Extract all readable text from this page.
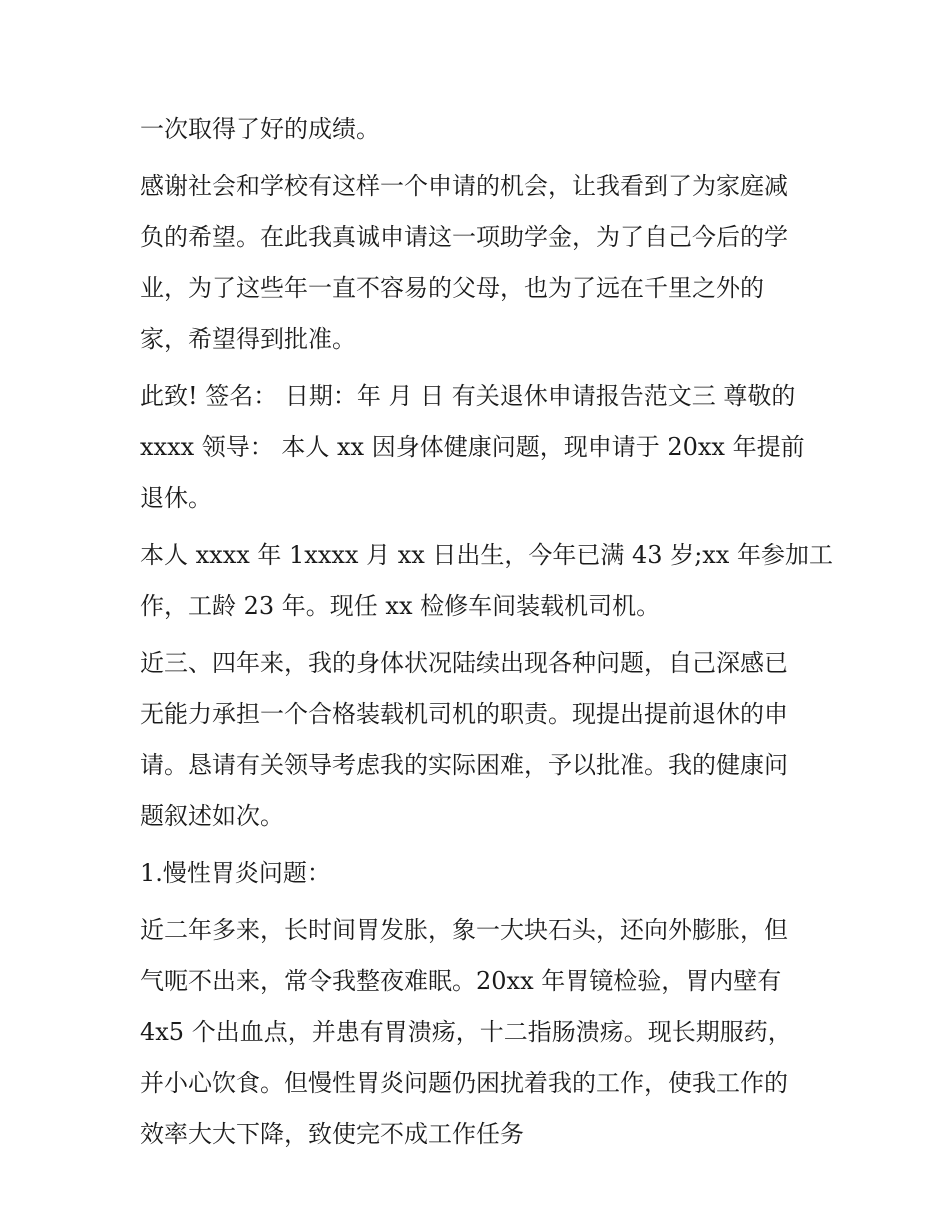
一次取得了好的成绩。

感谢社会和学校有这样一个申请的机会，让我看到了为家庭减
负的希望。在此我真诚申请这一项助学金，为了自己今后的学
业，为了这些年一直不容易的父母，也为了远在千里之外的
家，希望得到批准。

此致! 签名： 日期：年 月 日 有关退休申请报告范文三 尊敬的
xxxx 领导： 本人 xx 因身体健康问题，现申请于 20xx 年提前
退休。

本人 xxxx 年 1xxxx 月 xx 日出生，今年已满 43 岁;xx 年参加工
作，工龄 23 年。现任 xx 检修车间装载机司机。

近三、四年来，我的身体状况陆续出现各种问题，自己深感已
无能力承担一个合格装载机司机的职责。现提出提前退休的申
请。恳请有关领导考虑我的实际困难，予以批准。我的健康问
题叙述如次。

1.慢性胃炎问题：

近二年多来，长时间胃发胀，象一大块石头，还向外膨胀，但
气呃不出来，常令我整夜难眠。20xx 年胃镜检验，胃内壁有
4x5 个出血点，并患有胃溃疡，十二指肠溃疡。现长期服药，
并小心饮食。但慢性胃炎问题仍困扰着我的工作，使我工作的
效率大大下降，致使完不成工作任务
